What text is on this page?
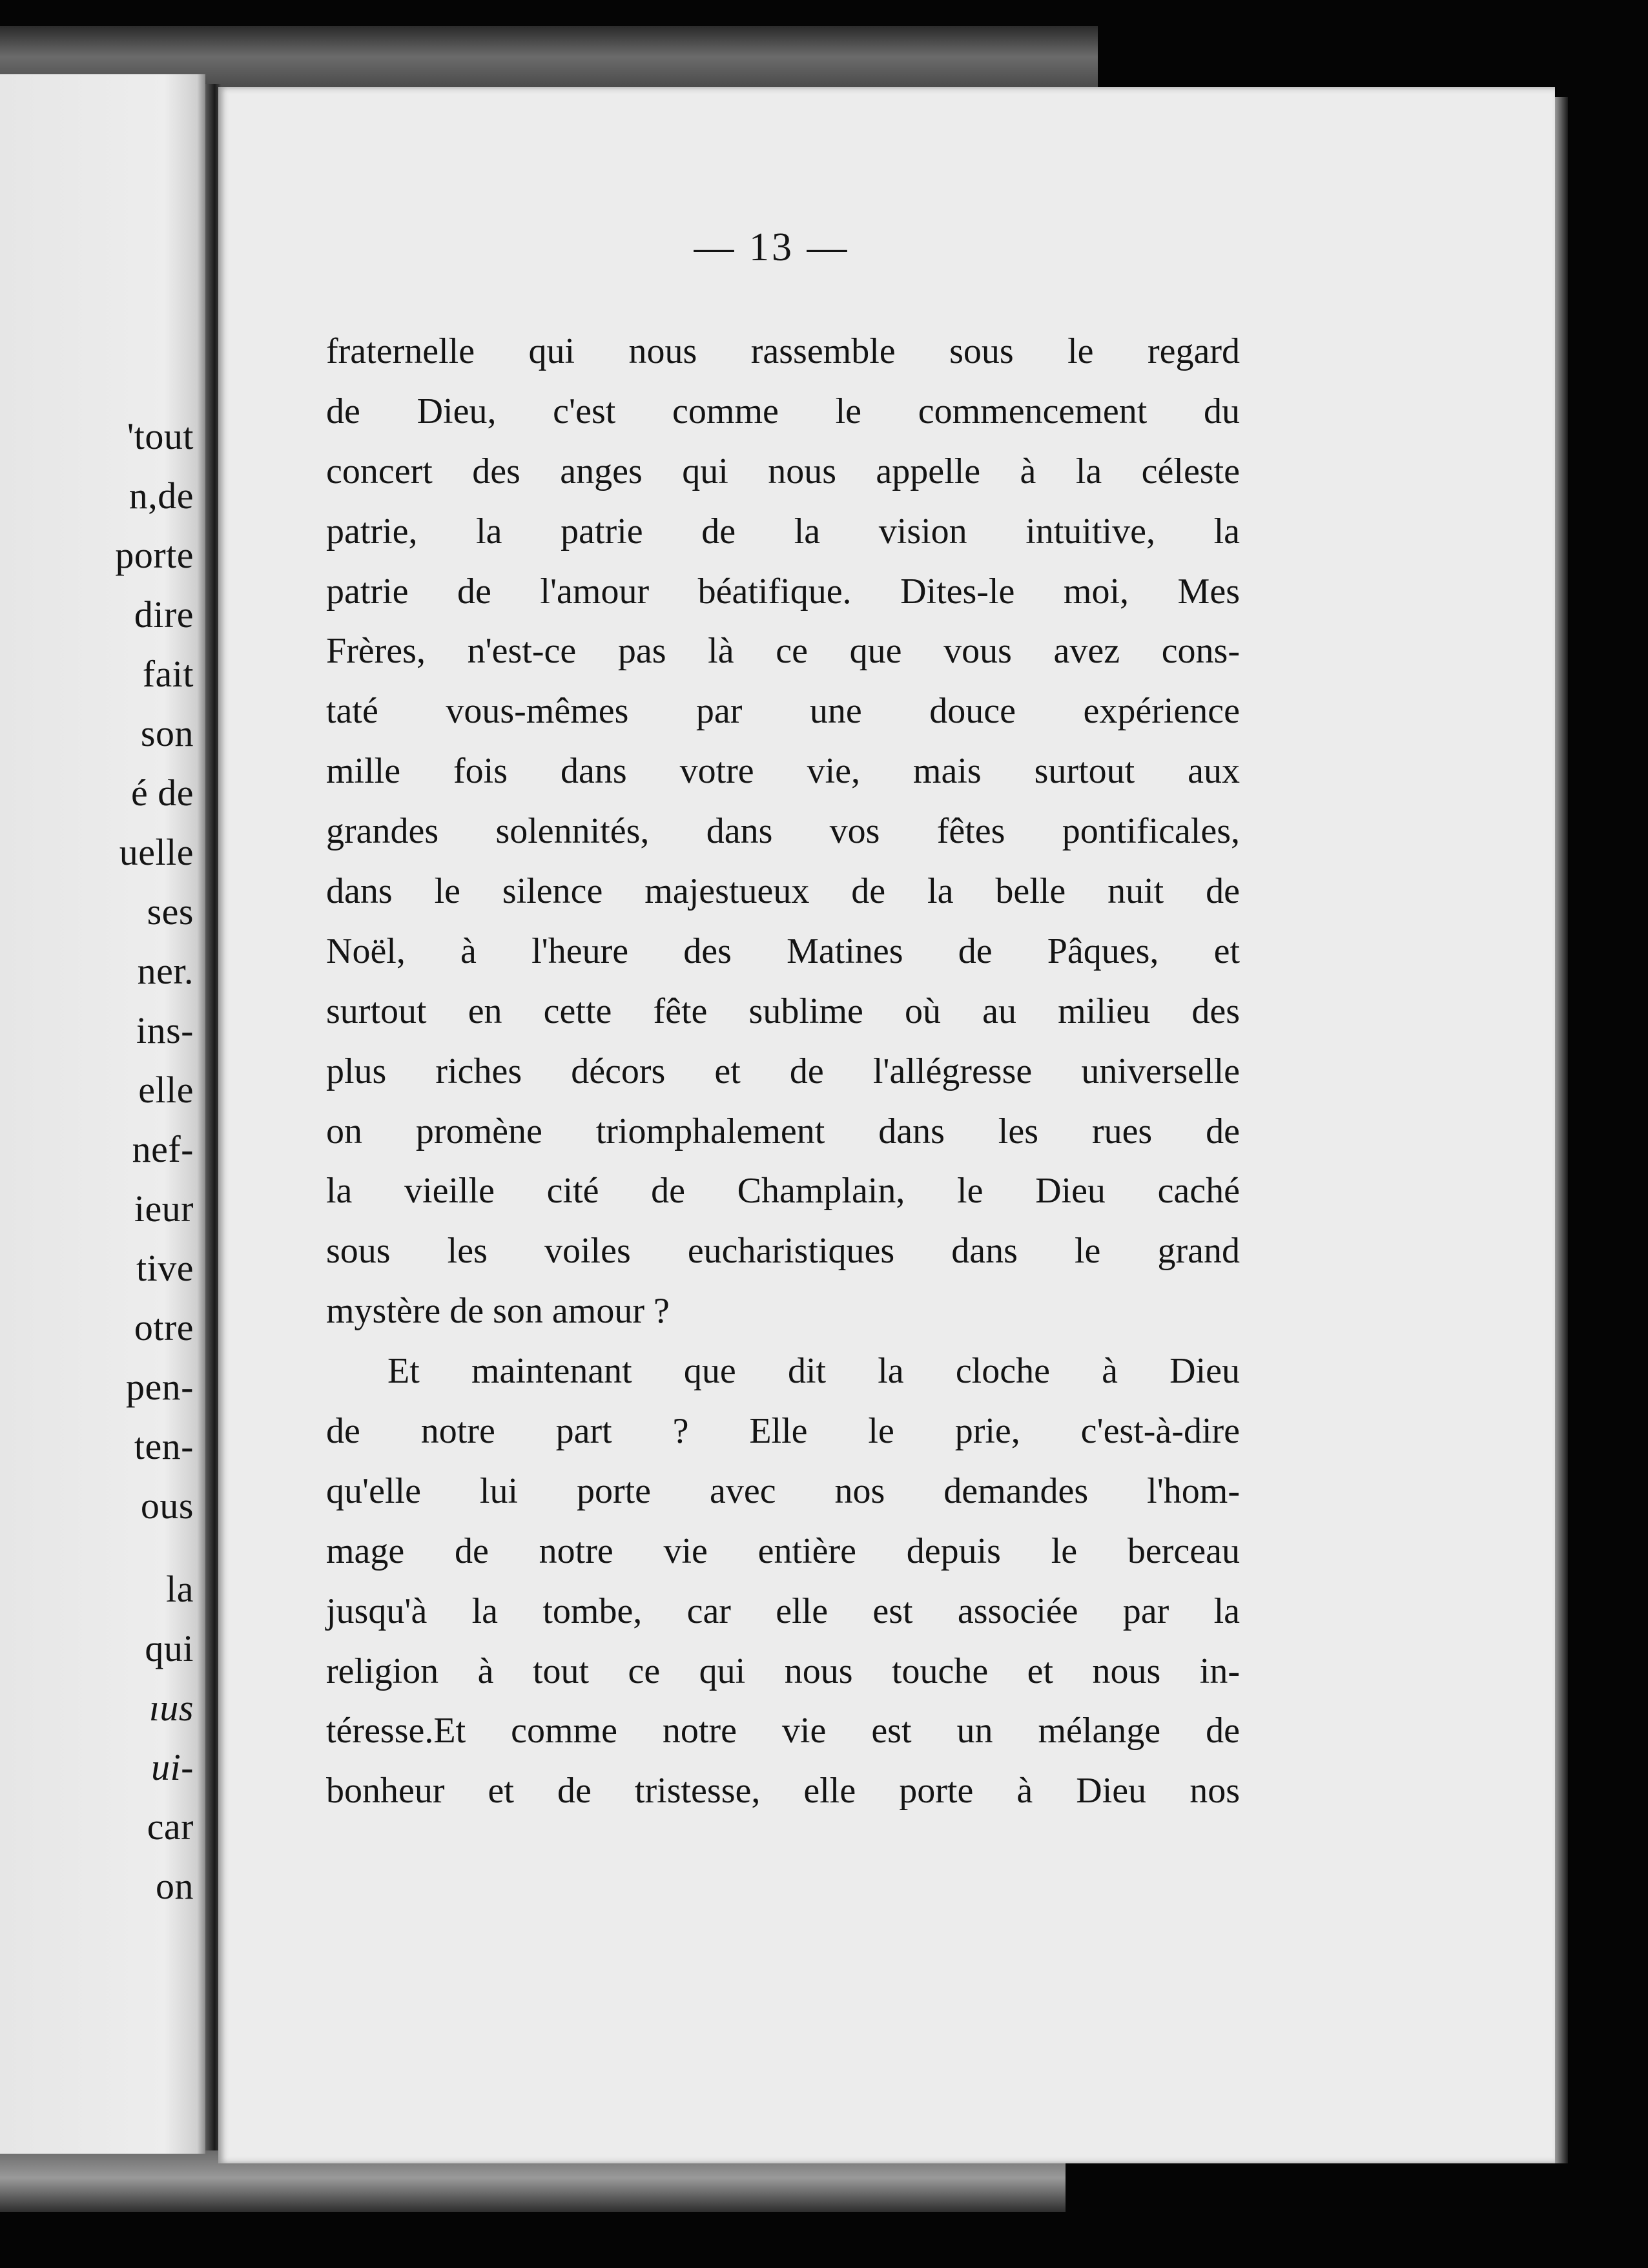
'tout
n,de
porte
dire
fait
son
é de
uelle
ses
ner.
ins-
elle
nef-
ieur
tive
otre
pen-
ten-
ous
la
qui
ıus
ui-
car
on
— 13 —
fraternelle qui nous rassemble sous le regard
de Dieu, c'est comme le commencement du
concert des anges qui nous appelle à la céleste
patrie, la patrie de la vision intuitive, la
patrie de l'amour béatifique. Dites-le moi, Mes
Frères, n'est-ce pas là ce que vous avez cons-
taté vous-mêmes par une douce expérience
mille fois dans votre vie, mais surtout aux
grandes solennités, dans vos fêtes pontificales,
dans le silence majestueux de la belle nuit de
Noël, à l'heure des Matines de Pâques, et
surtout en cette fête sublime où au milieu des
plus riches décors et de l'allégresse universelle
on promène triomphalement dans les rues de
la vieille cité de Champlain, le Dieu caché
sous les voiles eucharistiques dans le grand
mystère de son amour ?
Et maintenant que dit la cloche à Dieu
de notre part ? Elle le prie, c'est-à-dire
qu'elle lui porte avec nos demandes l'hom-
mage de notre vie entière depuis le berceau
jusqu'à la tombe, car elle est associée par la
religion à tout ce qui nous touche et nous in-
téresse.Et comme notre vie est un mélange de
bonheur et de tristesse, elle porte à Dieu nos
